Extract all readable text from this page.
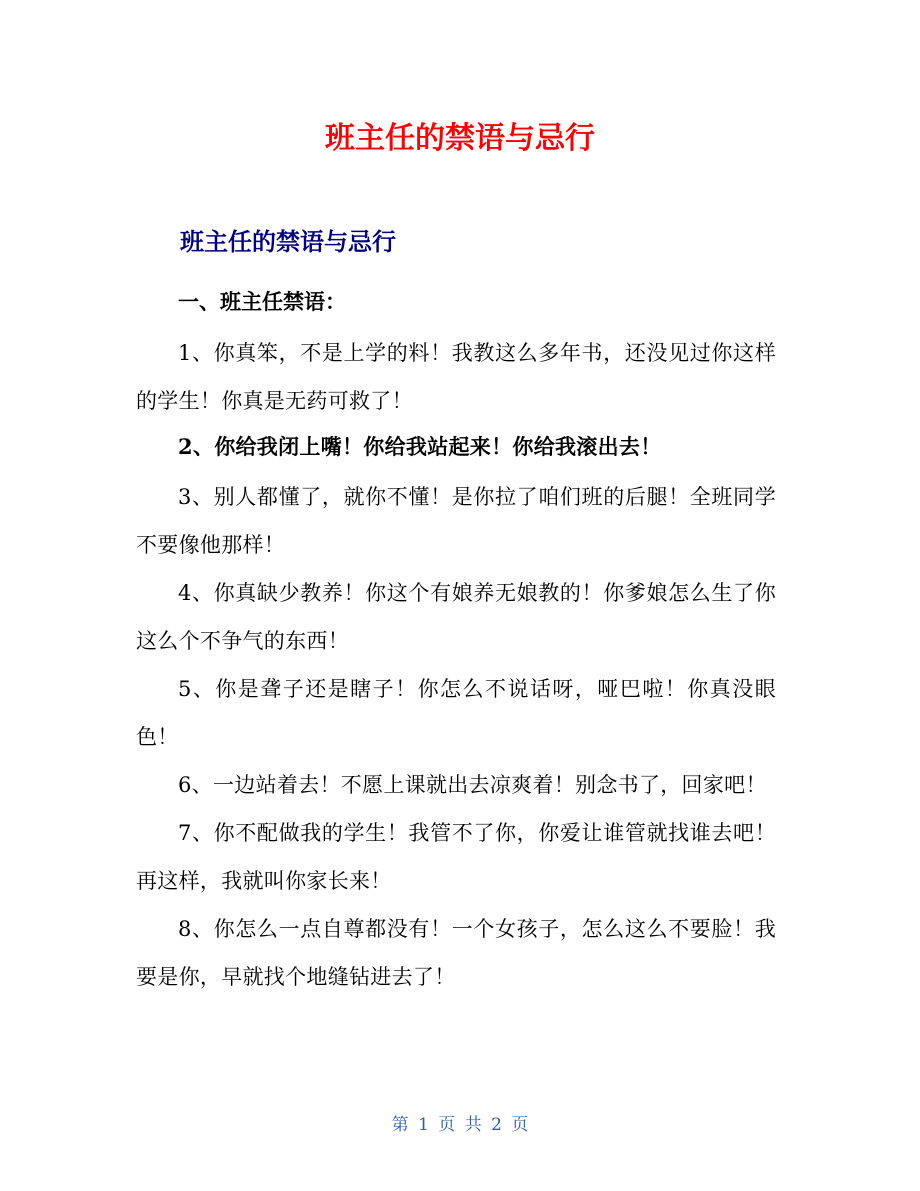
班主任的禁语与忌行
班主任的禁语与忌行

一、班主任禁语：

1、你真笨，不是上学的料！我教这么多年书，还没见过你这样的学生！你真是无药可救了！

2、你给我闭上嘴！你给我站起来！你给我滚出去！

3、别人都懂了，就你不懂！是你拉了咱们班的后腿！全班同学不要像他那样！

4、你真缺少教养！你这个有娘养无娘教的！你爹娘怎么生了你这么个不争气的东西！

5、你是聋子还是瞎子！你怎么不说话呀，哑巴啦！你真没眼色！

6、一边站着去！不愿上课就出去凉爽着！别念书了，回家吧！

7、你不配做我的学生！我管不了你，你爱让谁管就找谁去吧！再这样，我就叫你家长来！

8、你怎么一点自尊都没有！一个女孩子，怎么这么不要脸！我要是你，早就找个地缝钻进去了！

第 1 页 共 2 页
